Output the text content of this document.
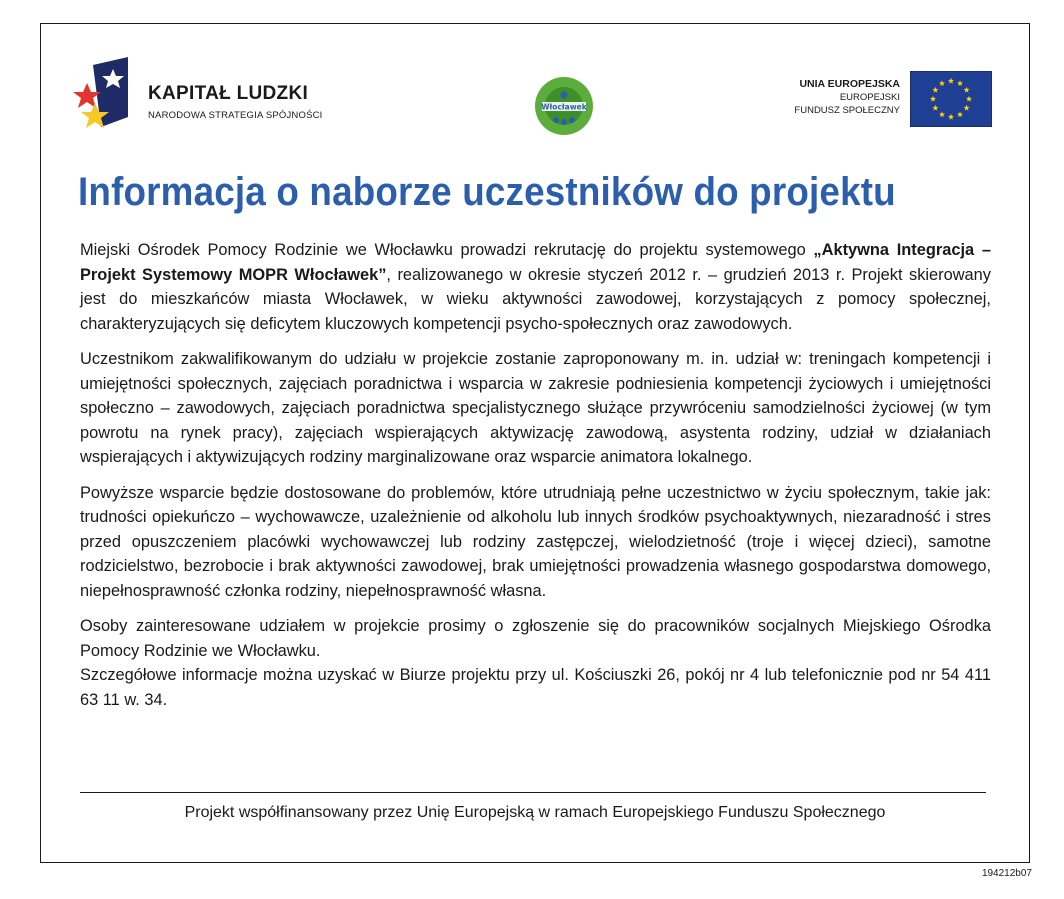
KAPITAŁ LUDZKI
NARODOWA STRATEGIA SPÓJNOŚCI
Włocławek
UNIA EUROPEJSKA
EUROPEJSKI
FUNDUSZ SPOŁECZNY
Informacja o naborze uczestników do projektu

Miejski Ośrodek Pomocy Rodzinie we Włocławku prowadzi rekrutację do projektu systemowego „Aktywna Integracja – Projekt Systemowy MOPR Włocławek”, realizowanego w okresie styczeń 2012 r. – grudzień 2013 r. Projekt skierowany jest do mieszkańców miasta Włocławek, w wieku aktywności zawodowej, korzystających z pomocy społecznej, charakteryzujących się deficytem kluczowych kompetencji psycho-społecznych oraz zawodowych.

Uczestnikom zakwalifikowanym do udziału w projekcie zostanie zaproponowany m. in. udział w: treningach kompetencji i umiejętności społecznych, zajęciach poradnictwa i wsparcia w zakresie podniesienia kompetencji życiowych i umiejętności społeczno – zawodowych, zajęciach poradnictwa specjalistycznego służące przywróceniu samodzielności życiowej (w tym powrotu na rynek pracy), zajęciach wspierających aktywizację zawodową, asystenta rodziny, udział w działaniach wspierających i aktywizujących rodziny marginalizowane oraz wsparcie animatora lokalnego.

Powyższe wsparcie będzie dostosowane do problemów, które utrudniają pełne uczestnictwo w życiu społecznym, takie jak: trudności opiekuńczo – wychowawcze, uzależnienie od alkoholu lub innych środków psychoaktywnych, niezaradność i stres przed opuszczeniem placówki wychowawczej lub rodziny zastępczej, wielodzietność (troje i więcej dzieci), samotne rodzicielstwo, bezrobocie i brak aktywności zawodowej, brak umiejętności prowadzenia własnego gospodarstwa domowego, niepełnosprawność członka rodziny, niepełnosprawność własna.

Osoby zainteresowane udziałem w projekcie prosimy o zgłoszenie się do pracowników socjalnych Miejskiego Ośrodka Pomocy Rodzinie we Włocławku.
Szczegółowe informacje można uzyskać w Biurze projektu przy ul. Kościuszki 26, pokój nr 4 lub telefonicznie pod nr 54 411 63 11 w. 34.

Projekt współfinansowany przez Unię Europejską w ramach Europejskiego Funduszu Społecznego
194212b07
